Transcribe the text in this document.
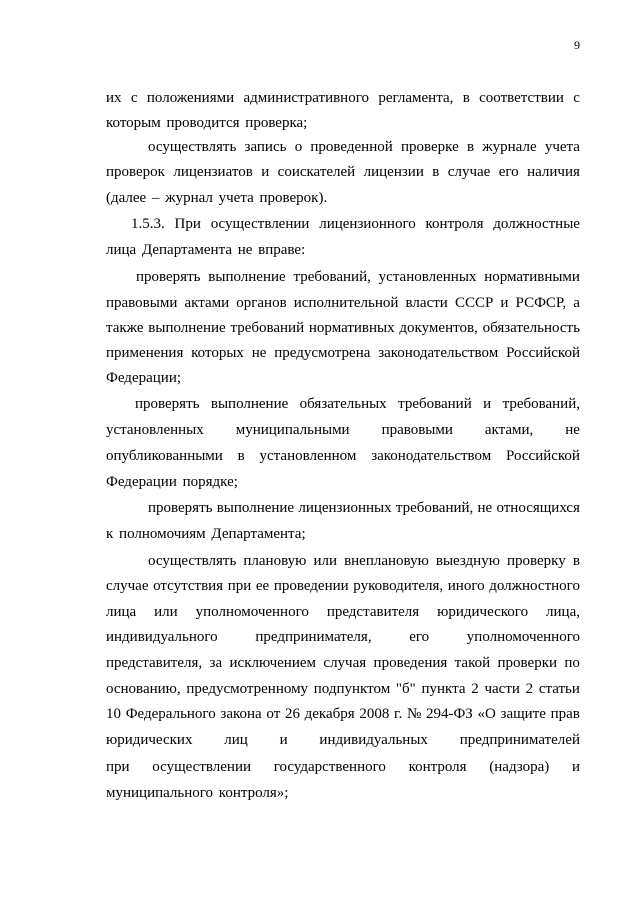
9
их с положениями административного регламента, в соответствии с
которым проводится проверка;
осуществлять запись о проведенной проверке в журнале учета
проверок лицензиатов и соискателей лицензии в случае его наличия
(далее – журнал учета проверок).
1.5.3. При осуществлении лицензионного контроля должностные
лица Департамента не вправе:
проверять выполнение требований, установленных нормативными
правовыми актами органов исполнительной власти СССР и РСФСР, а
также выполнение требований нормативных документов, обязательность
применения которых не предусмотрена законодательством Российской
Федерации;
проверять выполнение обязательных требований и требований,
установленных муниципальными правовыми актами, не
опубликованными в установленном законодательством Российской
Федерации порядке;
проверять выполнение лицензионных требований, не относящихся
к полномочиям Департамента;
осуществлять плановую или внеплановую выездную проверку в
случае отсутствия при ее проведении руководителя, иного должностного
лица или уполномоченного представителя юридического лица,
индивидуального	предпринимателя,	его	уполномоченного
представителя, за исключением случая проведения такой проверки по
основанию, предусмотренному подпунктом "б" пункта 2 части 2 статьи
10 Федерального закона от 26 декабря 2008 г. № 294-ФЗ «О защите прав
юридических лиц и индивидуальных предпринимателей
при осуществлении государственного контроля (надзора) и
муниципального контроля»;
